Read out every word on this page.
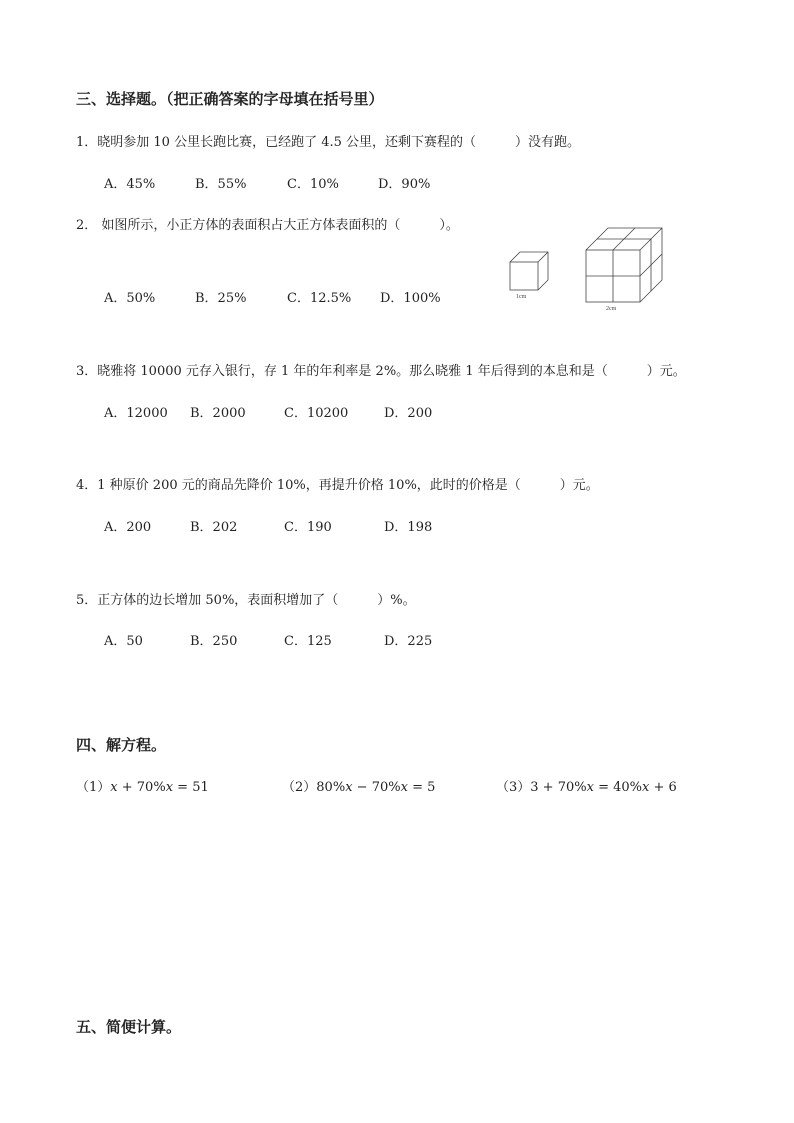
三、选择题。（把正确答案的字母填在括号里）
1．晓明参加 10 公里长跑比赛，已经跑了 4.5 公里，还剩下赛程的（　　　）没有跑。
A．45%	B．55%	C．10%	D．90%
2． 如图所示，小正方体的表面积占大正方体表面积的（　　　）。
A．50%	B．25%	C．12.5% D．100%	1cm
2cm
3．晓雅将 10000 元存入银行，存 1 年的年利率是 2%。那么晓雅 1 年后得到的本息和是（　　　）元。
A．12000 B．2000	C．10200	D．200
4．1 种原价 200 元的商品先降价 10%，再提升价格 10%，此时的价格是（　　　）元。
A．200	B．202	C．190	D．198
5．正方体的边长增加 50%，表面积增加了（　　　）%。
A．50	B．250	C．125	D．225
四、解方程。
（1）x + 70%x = 51	（2）80%x − 70%x = 5	（3）3 + 70%x = 40%x + 6
五、简便计算。
